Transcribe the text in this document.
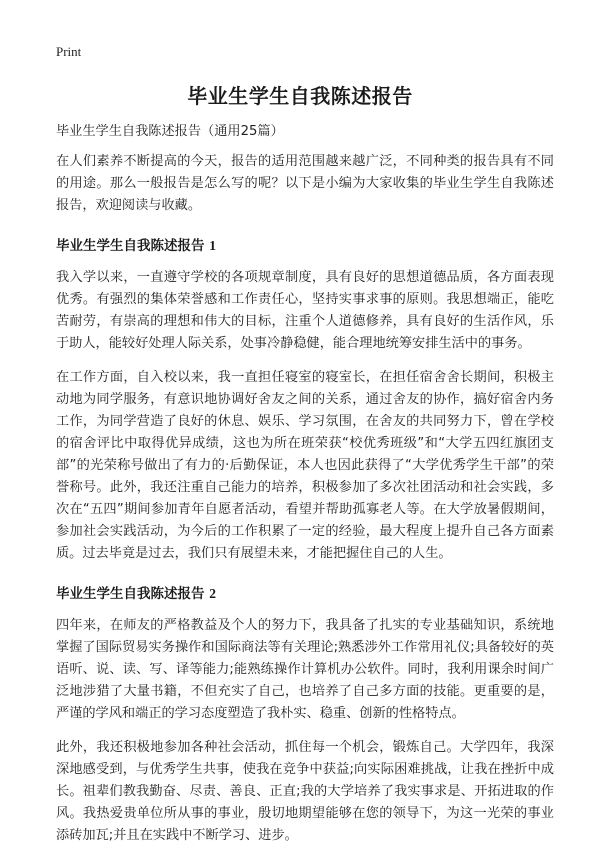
Print
毕业生学生自我陈述报告

毕业生学生自我陈述报告（通用25篇）

在人们素养不断提高的今天，报告的适用范围越来越广泛，不同种类的报告具有不同的用途。那么一般报告是怎么写的呢？以下是小编为大家收集的毕业生学生自我陈述报告，欢迎阅读与收藏。

毕业生学生自我陈述报告 1

我入学以来，一直遵守学校的各项规章制度，具有良好的思想道德品质，各方面表现优秀。有强烈的集体荣誉感和工作责任心，坚持实事求事的原则。我思想端正，能吃苦耐劳，有崇高的理想和伟大的目标，注重个人道德修养，具有良好的生活作风，乐于助人，能较好处理人际关系，处事冷静稳健，能合理地统筹安排生活中的事务。

在工作方面，自入校以来，我一直担任寝室的寝室长，在担任宿舍舍长期间，积极主动地为同学服务，有意识地协调好舍友之间的关系，通过舍友的协作，搞好宿舍内务工作，为同学营造了良好的休息、娱乐、学习氛围，在舍友的共同努力下，曾在学校的宿舍评比中取得优异成绩，这也为所在班荣获“校优秀班级”和“大学五四红旗团支部”的光荣称号做出了有力的·后勤保证，本人也因此获得了“大学优秀学生干部”的荣誉称号。此外，我还注重自己能力的培养，积极参加了多次社团活动和社会实践，多次在“五四”期间参加青年自愿者活动，看望并帮助孤寡老人等。在大学放暑假期间，参加社会实践活动，为今后的工作积累了一定的经验，最大程度上提升自己各方面素质。过去毕竟是过去，我们只有展望未来，才能把握住自己的人生。

毕业生学生自我陈述报告 2

四年来，在师友的严格教益及个人的努力下，我具备了扎实的专业基础知识，系统地掌握了国际贸易实务操作和国际商法等有关理论;熟悉涉外工作常用礼仪;具备较好的英语听、说、读、写、译等能力;能熟练操作计算机办公软件。同时，我利用课余时间广泛地涉猎了大量书籍，不但充实了自己，也培养了自己多方面的技能。更重要的是，严谨的学风和端正的学习态度塑造了我朴实、稳重、创新的性格特点。

此外，我还积极地参加各种社会活动，抓住每一个机会，锻炼自己。大学四年，我深深地感受到，与优秀学生共事，使我在竞争中获益;向实际困难挑战，让我在挫折中成长。祖辈们教我勤奋、尽责、善良、正直;我的大学培养了我实事求是、开拓进取的作风。我热爱贵单位所从事的事业，殷切地期望能够在您的领导下，为这一光荣的事业添砖加瓦;并且在实践中不断学习、进步。
